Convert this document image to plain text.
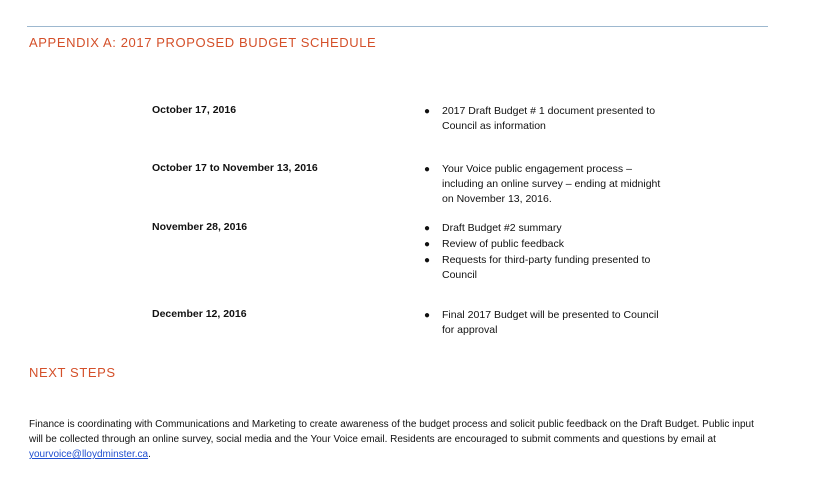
APPENDIX A: 2017 PROPOSED BUDGET SCHEDULE
October 17, 2016	● 2017 Draft Budget # 1 document presented to Council as information
October 17 to November 13, 2016	● Your Voice public engagement process – including an online survey – ending at midnight on November 13, 2016.
November 28, 2016	● Draft Budget #2 summary
● Review of public feedback
● Requests for third-party funding presented to Council
December 12, 2016	● Final 2017 Budget will be presented to Council for approval
NEXT STEPS

Finance is coordinating with Communications and Marketing to create awareness of the budget process and solicit public feedback on the Draft Budget. Public input will be collected through an online survey, social media and the Your Voice email. Residents are encouraged to submit comments and questions by email at yourvoice@lloydminster.ca.
